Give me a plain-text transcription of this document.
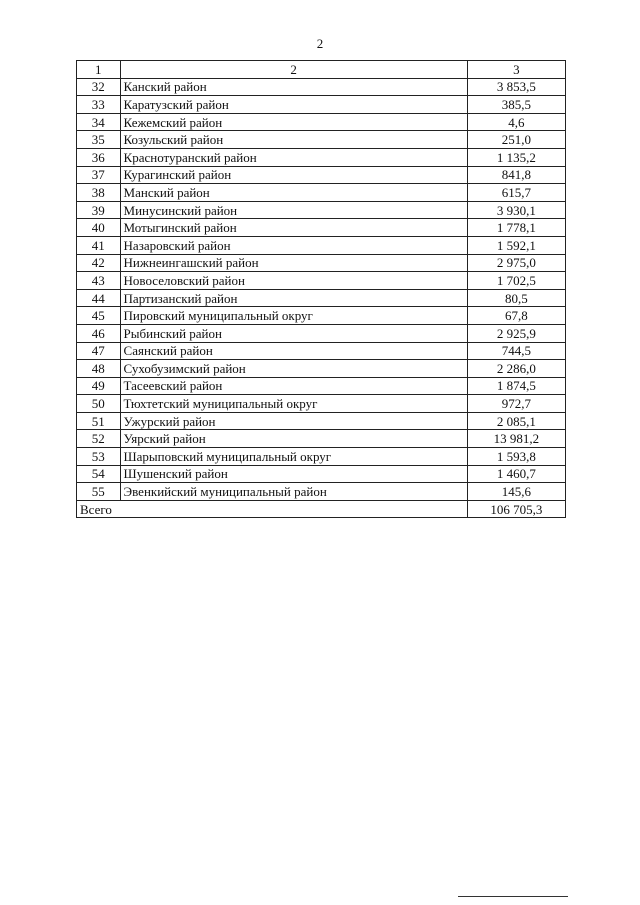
2
1	2	3
32	Канский район	3 853,5
33	Каратузский район	385,5
34	Кежемский район	4,6
35	Козульский район	251,0
36	Краснотуранский район	1 135,2
37	Курагинский район	841,8
38	Манский район	615,7
39	Минусинский район	3 930,1
40	Мотыгинский район	1 778,1
41	Назаровский район	1 592,1
42	Нижнеингашский район	2 975,0
43	Новоселовский район	1 702,5
44	Партизанский район	80,5
45	Пировский муниципальный округ	67,8
46	Рыбинский район	2 925,9
47	Саянский район	744,5
48	Сухобузимский район	2 286,0
49	Тасеевский район	1 874,5
50	Тюхтетский муниципальный округ	972,7
51	Ужурский район	2 085,1
52	Уярский район	13 981,2
53	Шарыповский муниципальный округ	1 593,8
54	Шушенский район	1 460,7
55	Эвенкийский муниципальный район	145,6
Всего		106 705,3
